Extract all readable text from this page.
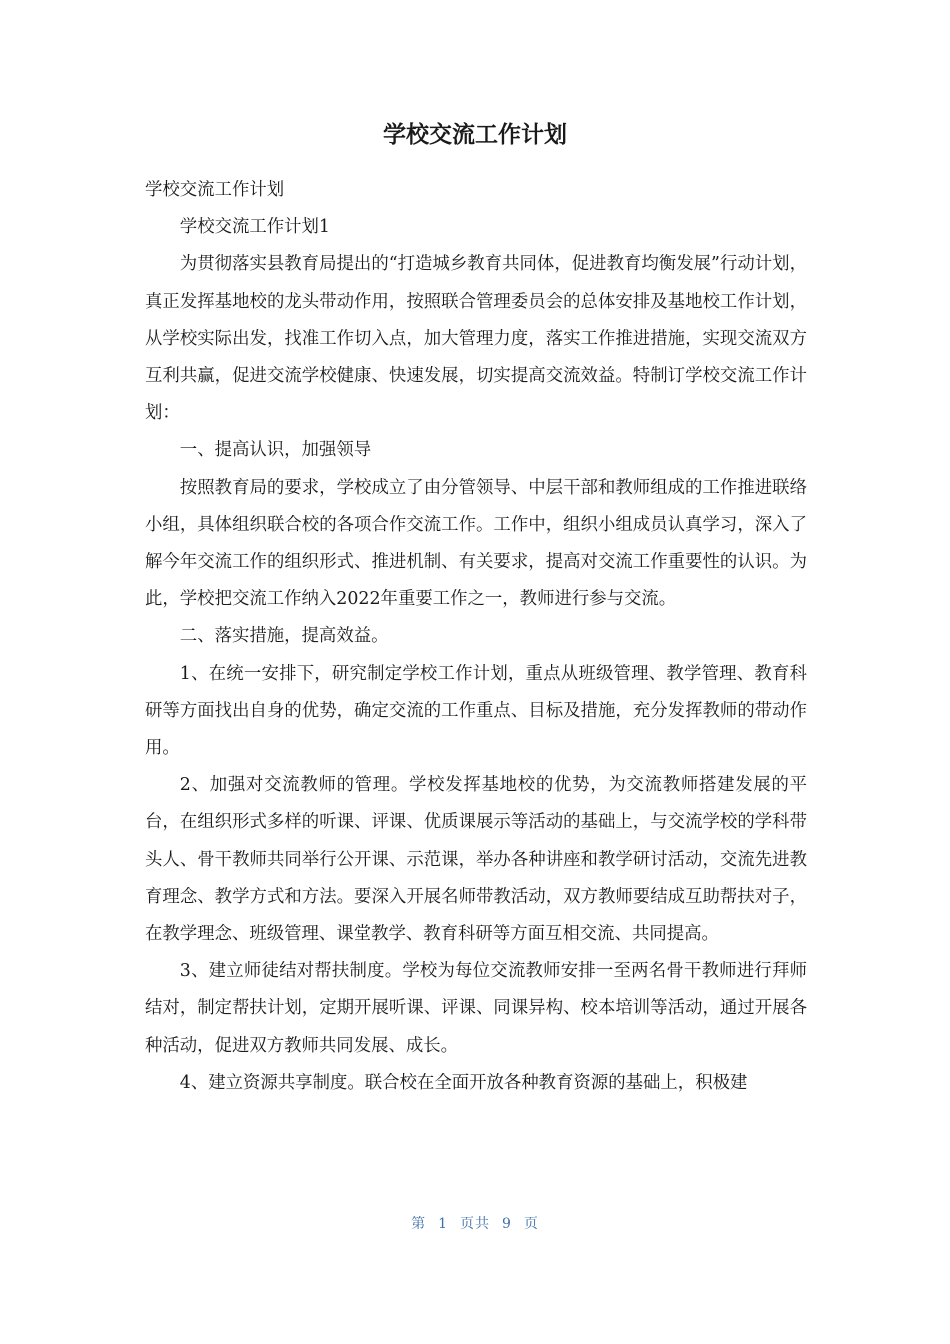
学校交流工作计划

学校交流工作计划

学校交流工作计划1

为贯彻落实县教育局提出的“打造城乡教育共同体，促进教育均衡发展”行动计划，真正发挥基地校的龙头带动作用，按照联合管理委员会的总体安排及基地校工作计划，从学校实际出发，找准工作切入点，加大管理力度，落实工作推进措施，实现交流双方互利共赢，促进交流学校健康、快速发展，切实提高交流效益。特制订学校交流工作计划：

一、提高认识，加强领导

按照教育局的要求，学校成立了由分管领导、中层干部和教师组成的工作推进联络小组，具体组织联合校的各项合作交流工作。工作中，组织小组成员认真学习，深入了解今年交流工作的组织形式、推进机制、有关要求，提高对交流工作重要性的认识。为此，学校把交流工作纳入2022年重要工作之一，教师进行参与交流。

二、落实措施，提高效益。

1、在统一安排下，研究制定学校工作计划，重点从班级管理、教学管理、教育科研等方面找出自身的优势，确定交流的工作重点、目标及措施，充分发挥教师的带动作用。

2、加强对交流教师的管理。学校发挥基地校的优势，为交流教师搭建发展的平台，在组织形式多样的听课、评课、优质课展示等活动的基础上，与交流学校的学科带头人、骨干教师共同举行公开课、示范课，举办各种讲座和教学研讨活动，交流先进教育理念、教学方式和方法。要深入开展名师带教活动，双方教师要结成互助帮扶对子，在教学理念、班级管理、课堂教学、教育科研等方面互相交流、共同提高。

3、建立师徒结对帮扶制度。学校为每位交流教师安排一至两名骨干教师进行拜师结对，制定帮扶计划，定期开展听课、评课、同课异构、校本培训等活动，通过开展各种活动，促进双方教师共同发展、成长。

4、建立资源共享制度。联合校在全面开放各种教育资源的基础上，积极建

第 1 页共 9 页
